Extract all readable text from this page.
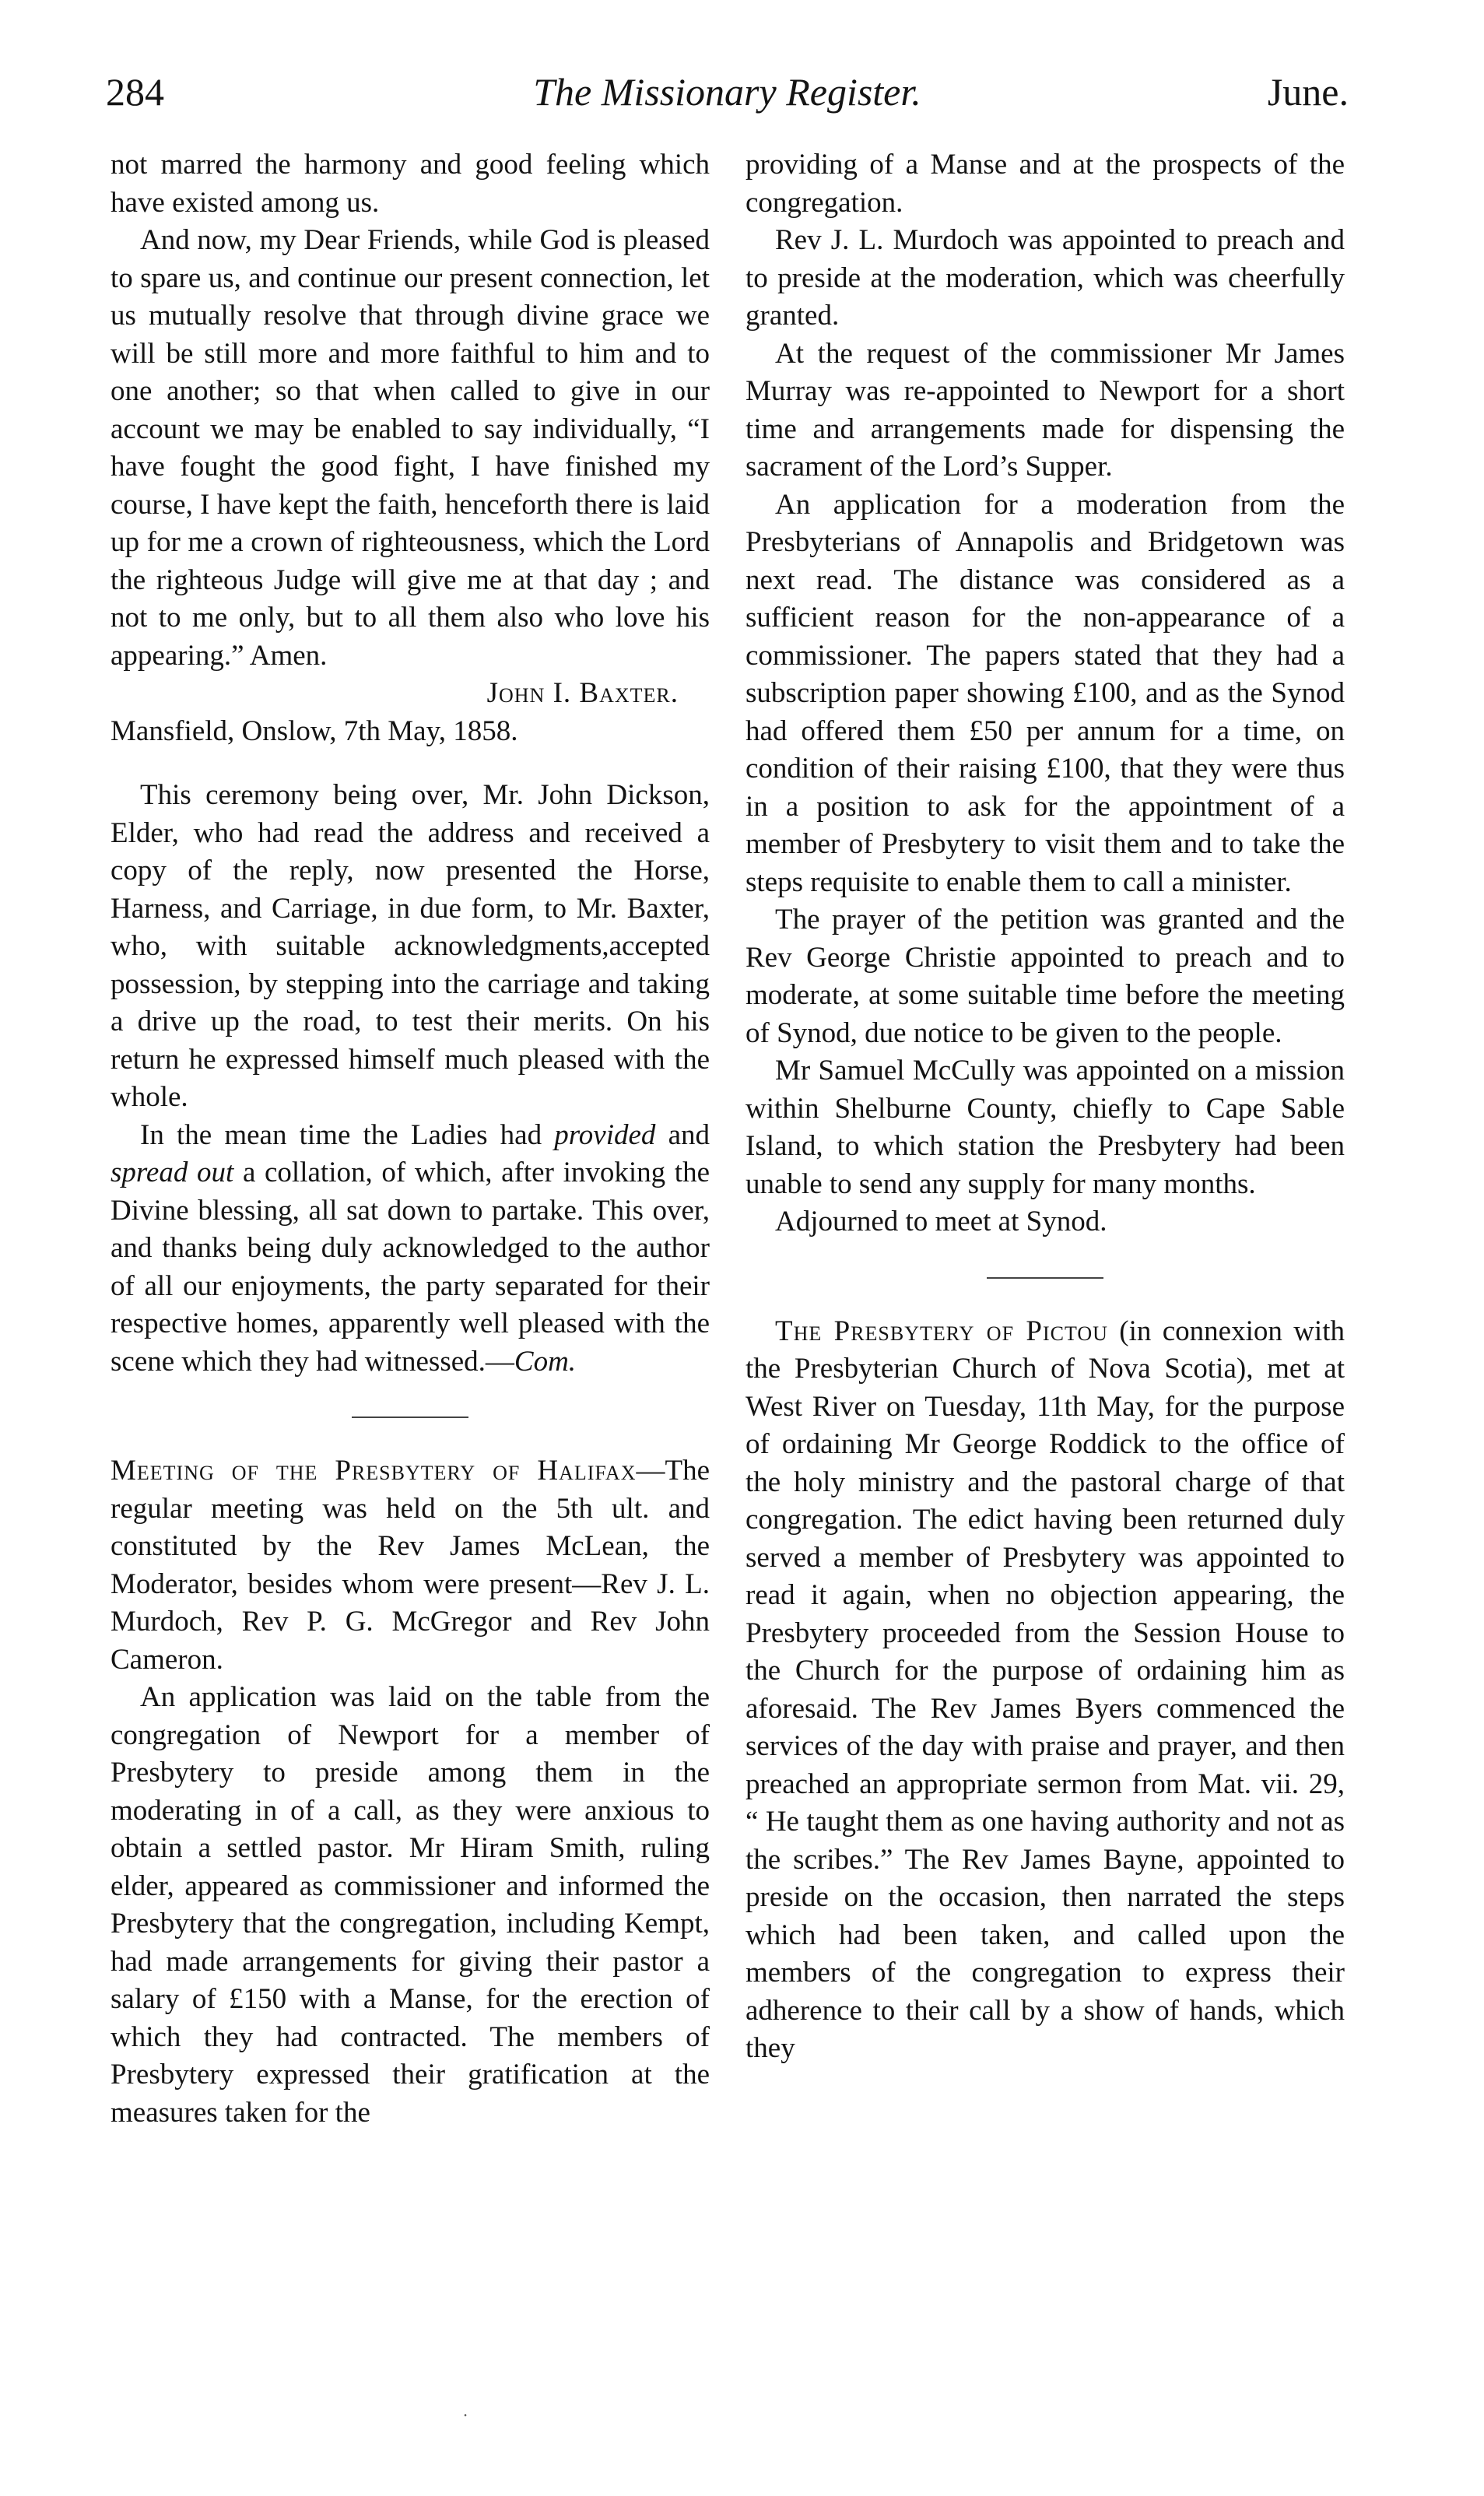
284	The Missionary Register.	June.

not marred the harmony and good feeling which have existed among us.

And now, my Dear Friends, while God is pleased to spare us, and continue our present connection, let us mutually resolve that through divine grace we will be still more and more faithful to him and to one another; so that when called to give in our account we may be enabled to say individually, “I have fought the good fight, I have finished my course, I have kept the faith, henceforth there is laid up for me a crown of righteousness, which the Lord the righteous Judge will give me at that day ; and not to me only, but to all them also who love his appearing.” Amen.

John I. Baxter.

Mansfield, Onslow, 7th May, 1858.

This ceremony being over, Mr. John Dickson, Elder, who had read the address and received a copy of the reply, now presented the Horse, Harness, and Carriage, in due form, to Mr. Baxter, who, with suitable acknowledgments,accepted possession, by stepping into the carriage and taking a drive up the road, to test their merits. On his return he expressed himself much pleased with the whole.

In the mean time the Ladies had provided and spread out a collation, of which, after invoking the Divine blessing, all sat down to partake. This over, and thanks being duly acknowledged to the author of all our enjoyments, the party separated for their respective homes, apparently well pleased with the scene which they had witnessed.—Com.

Meeting of the Presbytery of Halifax—The regular meeting was held on the 5th ult. and constituted by the Rev James McLean, the Moderator, besides whom were present—Rev J. L. Murdoch, Rev P. G. McGregor and Rev John Cameron.

An application was laid on the table from the congregation of Newport for a member of Presbytery to preside among them in the moderating in of a call, as they were anxious to obtain a settled pastor. Mr Hiram Smith, ruling elder, appeared as commissioner and informed the Presbytery that the congregation, including Kempt, had made arrangements for giving their pastor a salary of £150 with a Manse, for the erection of which they had contracted. The members of Presbytery expressed their gratification at the measures taken for the

providing of a Manse and at the prospects of the congregation.

Rev J. L. Murdoch was appointed to preach and to preside at the moderation, which was cheerfully granted.

At the request of the commissioner Mr James Murray was re-appointed to Newport for a short time and arrangements made for dispensing the sacrament of the Lord’s Supper.

An application for a moderation from the Presbyterians of Annapolis and Bridgetown was next read. The distance was considered as a sufficient reason for the non-appearance of a commissioner. The papers stated that they had a subscription paper showing £100, and as the Synod had offered them £50 per annum for a time, on condition of their raising £100, that they were thus in a position to ask for the appointment of a member of Presbytery to visit them and to take the steps requisite to enable them to call a minister.

The prayer of the petition was granted and the Rev George Christie appointed to preach and to moderate, at some suitable time before the meeting of Synod, due notice to be given to the people.

Mr Samuel McCully was appointed on a mission within Shelburne County, chiefly to Cape Sable Island, to which station the Presbytery had been unable to send any supply for many months.

Adjourned to meet at Synod.

The Presbytery of Pictou (in connexion with the Presbyterian Church of Nova Scotia), met at West River on Tuesday, 11th May, for the purpose of ordaining Mr George Roddick to the office of the holy ministry and the pastoral charge of that congregation. The edict having been returned duly served a member of Presbytery was appointed to read it again, when no objection appearing, the Presbytery proceeded from the Session House to the Church for the purpose of ordaining him as aforesaid. The Rev James Byers commenced the services of the day with praise and prayer, and then preached an appropriate sermon from Mat. vii. 29, “ He taught them as one having authority and not as the scribes.” The Rev James Bayne, appointed to preside on the occasion, then narrated the steps which had been taken, and called upon the members of the congregation to express their adherence to their call by a show of hands, which they

˙
